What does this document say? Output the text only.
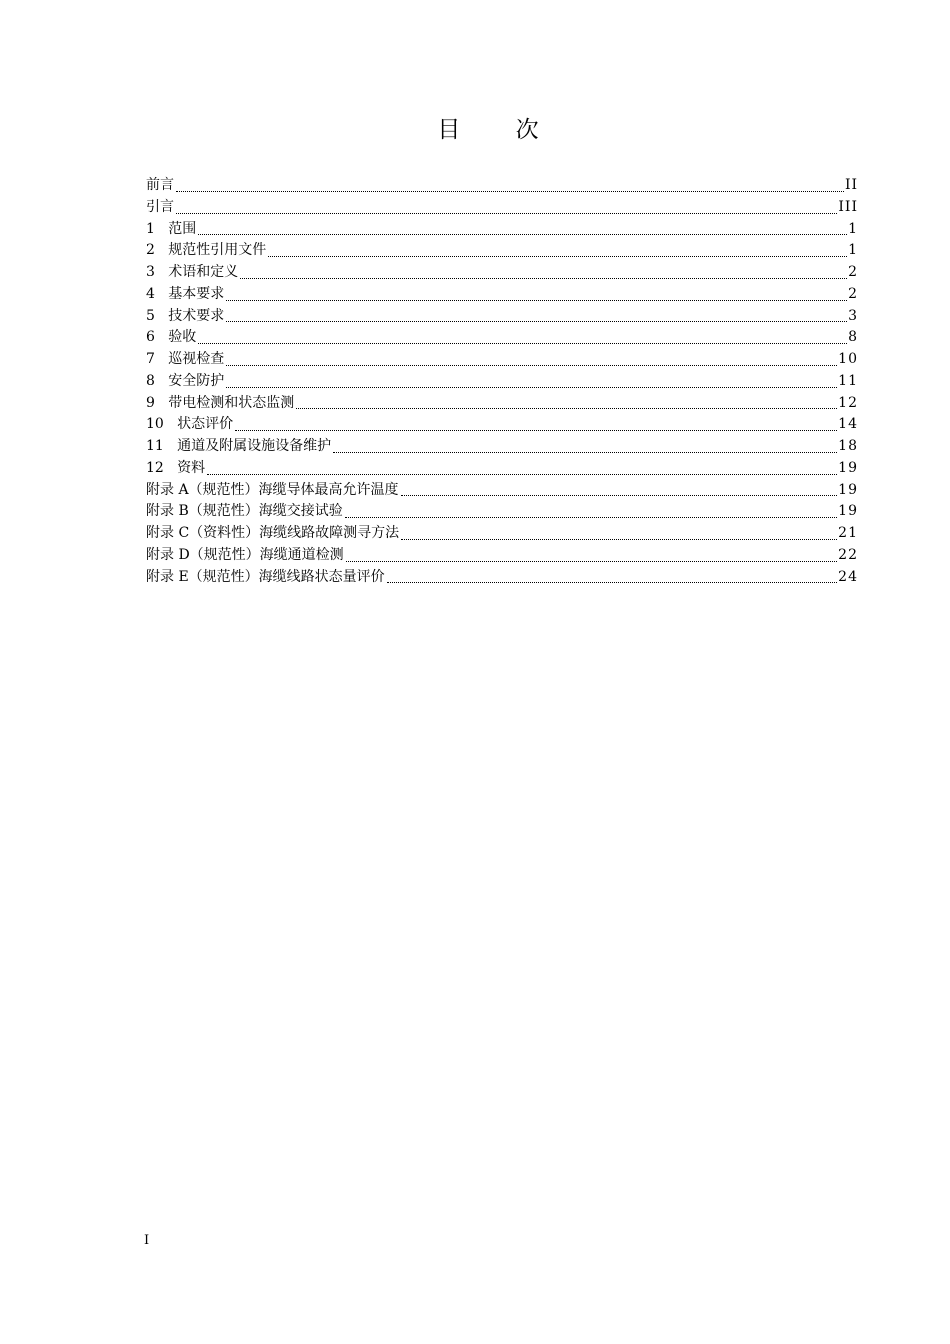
目 次
前言	II
引言	III
1   范围	1
2   规范性引用文件	1
3   术语和定义	2
4   基本要求	2
5   技术要求	3
6   验收	8
7   巡视检查	10
8   安全防护	11
9   带电检测和状态监测	12
10   状态评价	14
11   通道及附属设施设备维护	18
12   资料	19
附录 A（规范性）海缆导体最高允许温度	19
附录 B（规范性）海缆交接试验	19
附录 C（资料性）海缆线路故障测寻方法	21
附录 D（规范性）海缆通道检测	22
附录 E（规范性）海缆线路状态量评价	24
I
